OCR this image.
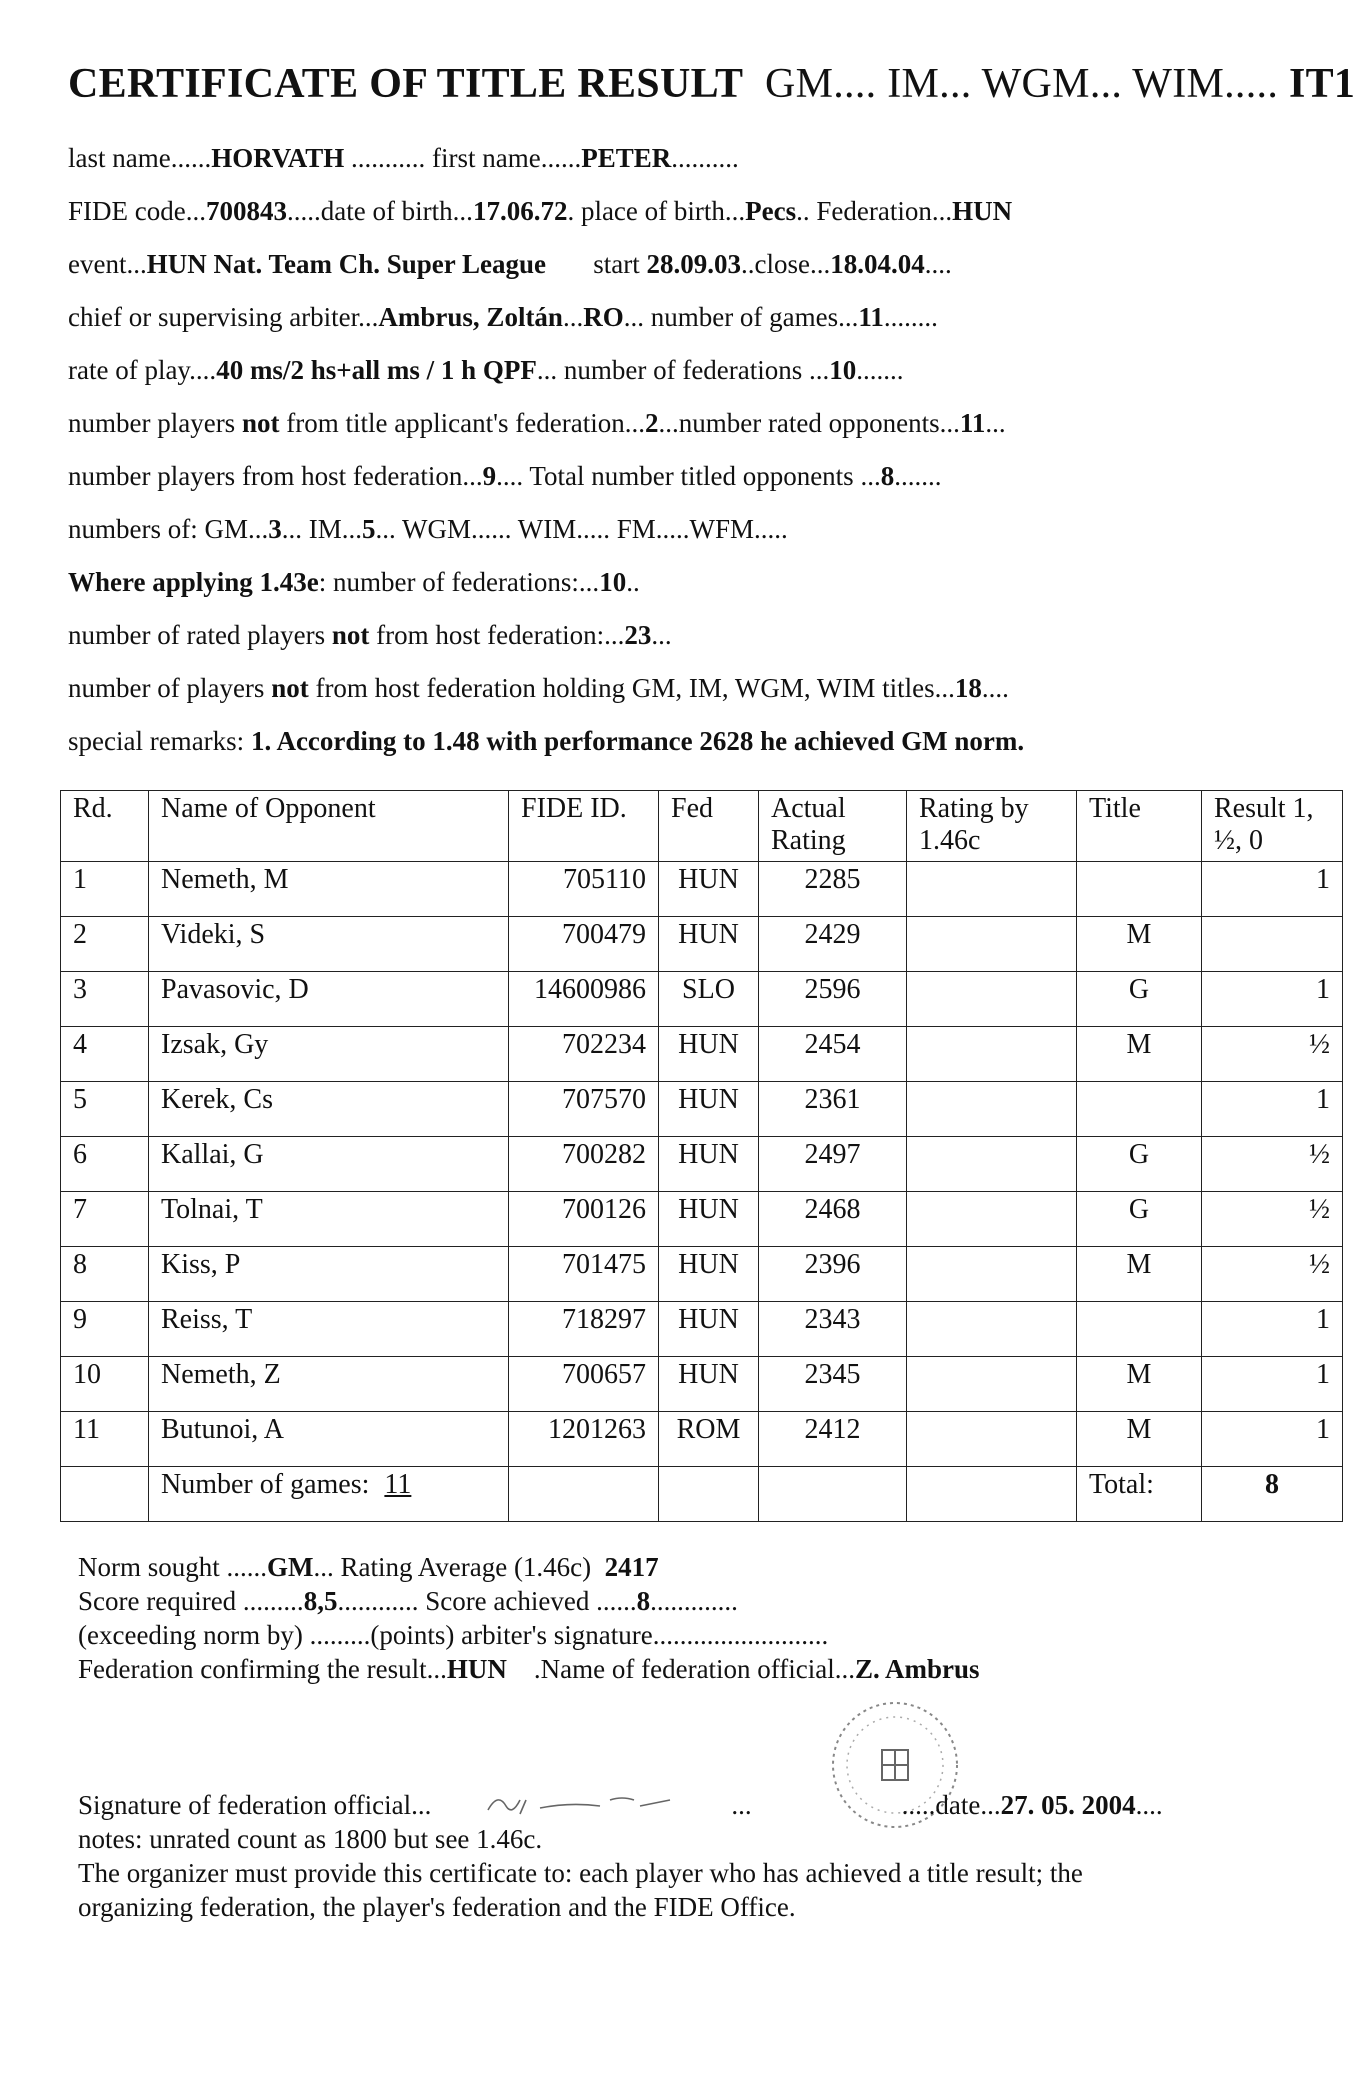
CERTIFICATE OF TITLE RESULT GM.... IM... WGM... WIM..... IT1
last name......HORVATH ........... first name......PETER..........
FIDE code...700843.....date of birth...17.06.72. place of birth...Pecs.. Federation...HUN
event...HUN Nat. Team Ch. Super League start 28.09.03..close...18.04.04....
chief or supervising arbiter...Ambrus, Zoltán...RO... number of games...11........
rate of play....40 ms/2 hs+all ms / 1 h QPF... number of federations ...10.......
number players not from title applicant's federation...2...number rated opponents...11...
number players from host federation...9.... Total number titled opponents ...8.......
numbers of: GM...3... IM...5... WGM...... WIM..... FM.....WFM.....
Where applying 1.43e: number of federations:...10..
number of rated players not from host federation:...23...
number of players not from host federation holding GM, IM, WGM, WIM titles...18....
special remarks: 1. According to 1.48 with performance 2628 he achieved GM norm.
Rd.	Name of Opponent	FIDE ID.	Fed	Actual Rating	Rating by 1.46c	Title	Result 1, ½, 0
1	Nemeth, M	705110	HUN	2285			1
2	Videki, S	700479	HUN	2429		M	
3	Pavasovic, D	14600986	SLO	2596		G	1
4	Izsak, Gy	702234	HUN	2454		M	½
5	Kerek, Cs	707570	HUN	2361			1
6	Kallai, G	700282	HUN	2497		G	½
7	Tolnai, T	700126	HUN	2468		G	½
8	Kiss, P	701475	HUN	2396		M	½
9	Reiss, T	718297	HUN	2343			1
10	Nemeth, Z	700657	HUN	2345		M	1
11	Butunoi, A	1201263	ROM	2412		M	1
	Number of games: 11					Total:	8
Norm sought ......GM... Rating Average (1.46c) 2417
Score required .........8,5............ Score achieved ......8.............
(exceeding norm by) .........(points) arbiter's signature..........................
Federation confirming the result...HUN .Name of federation official...Z. Ambrus
Signature of federation official...	...	.....date...27. 05. 2004....
notes: unrated count as 1800 but see 1.46c.
The organizer must provide this certificate to: each player who has achieved a title result; the
organizing federation, the player's federation and the FIDE Office.
